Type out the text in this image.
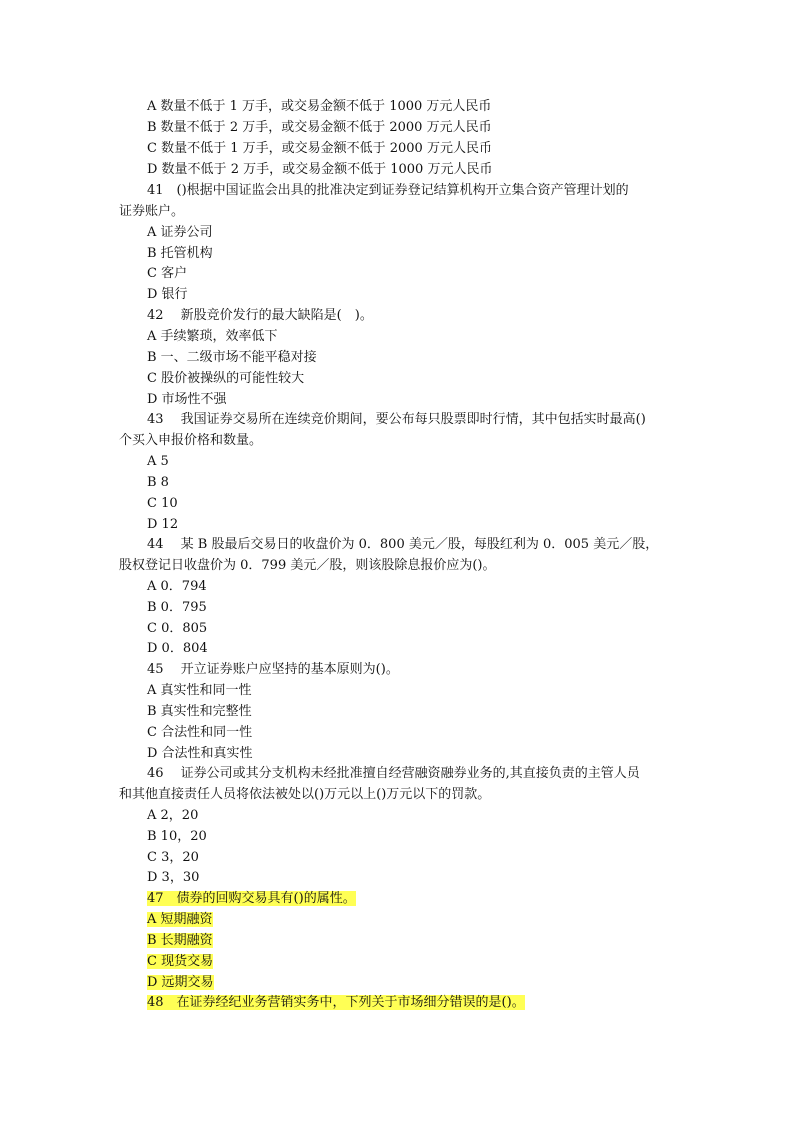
A 数量不低于 1 万手，或交易金额不低于 1000 万元人民币
B 数量不低于 2 万手，或交易金额不低于 2000 万元人民币
C 数量不低于 1 万手，或交易金额不低于 2000 万元人民币
D 数量不低于 2 万手，或交易金额不低于 1000 万元人民币
41　()根据中国证监会出具的批准决定到证券登记结算机构开立集合资产管理计划的
证券账户。
A 证券公司
B 托管机构
C 客户
D 银行
42　 新股竞价发行的最大缺陷是(　)。
A 手续繁琐，效率低下
B 一、二级市场不能平稳对接
C 股价被操纵的可能性较大
D 市场性不强
43　 我国证券交易所在连续竞价期间，要公布每只股票即时行情，其中包括实时最高()
个买入申报价格和数量。
A 5
B 8
C 10
D 12
44　 某 B 股最后交易日的收盘价为 0．800 美元／股，每股红利为 0．005 美元／股，
股权登记日收盘价为 0．799 美元／股，则该股除息报价应为()。
A 0．794
B 0．795
C 0．805
D 0．804
45　 开立证券账户应坚持的基本原则为()。
A 真实性和同一性
B 真实性和完整性
C 合法性和同一性
D 合法性和真实性
46　 证券公司或其分支机构未经批准擅自经营融资融券业务的,其直接负责的主管人员
和其他直接责任人员将依法被处以()万元以上()万元以下的罚款。
A 2，20
B 10，20
C 3，20
D 3，30
47　债券的回购交易具有()的属性。
A 短期融资
B 长期融资
C 现货交易
D 远期交易
48　在证券经纪业务营销实务中，下列关于市场细分错误的是()。
